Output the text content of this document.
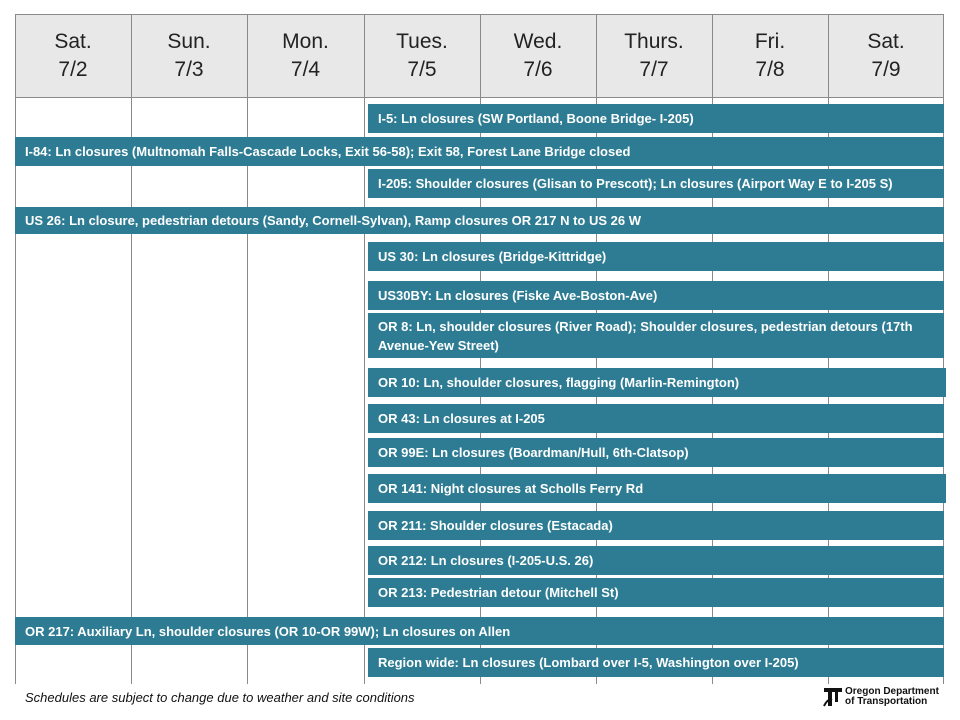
Sat.
7/2
Sun.
7/3
Mon.
7/4
Tues.
7/5
Wed.
7/6
Thurs.
7/7
Fri.
7/8
Sat.
7/9
I-5: Ln closures (SW Portland, Boone Bridge- I-205)
I-84: Ln closures (Multnomah Falls-Cascade Locks, Exit 56-58); Exit 58, Forest Lane Bridge closed
I-205: Shoulder closures (Glisan to Prescott); Ln closures (Airport Way E to I-205 S)
US 26: Ln closure, pedestrian detours (Sandy, Cornell-Sylvan), Ramp closures OR 217 N to US 26 W
US 30: Ln closures (Bridge-Kittridge)
US30BY: Ln closures (Fiske Ave-Boston-Ave)
OR 8: Ln, shoulder closures (River Road); Shoulder closures, pedestrian detours (17th Avenue-Yew Street)
OR 10: Ln, shoulder closures, flagging (Marlin-Remington)
OR 43: Ln closures at I-205
OR 99E: Ln closures (Boardman/Hull, 6th-Clatsop)
OR 141: Night closures at Scholls Ferry Rd
OR 211: Shoulder closures (Estacada)
OR 212: Ln closures (I-205-U.S. 26)
OR 213: Pedestrian detour (Mitchell St)
OR 217: Auxiliary Ln, shoulder closures (OR 10-OR 99W); Ln closures on Allen
Region wide: Ln closures (Lombard over I-5, Washington over I-205)
Schedules are subject to change due to weather and site conditions	Oregon Department
of Transportation
